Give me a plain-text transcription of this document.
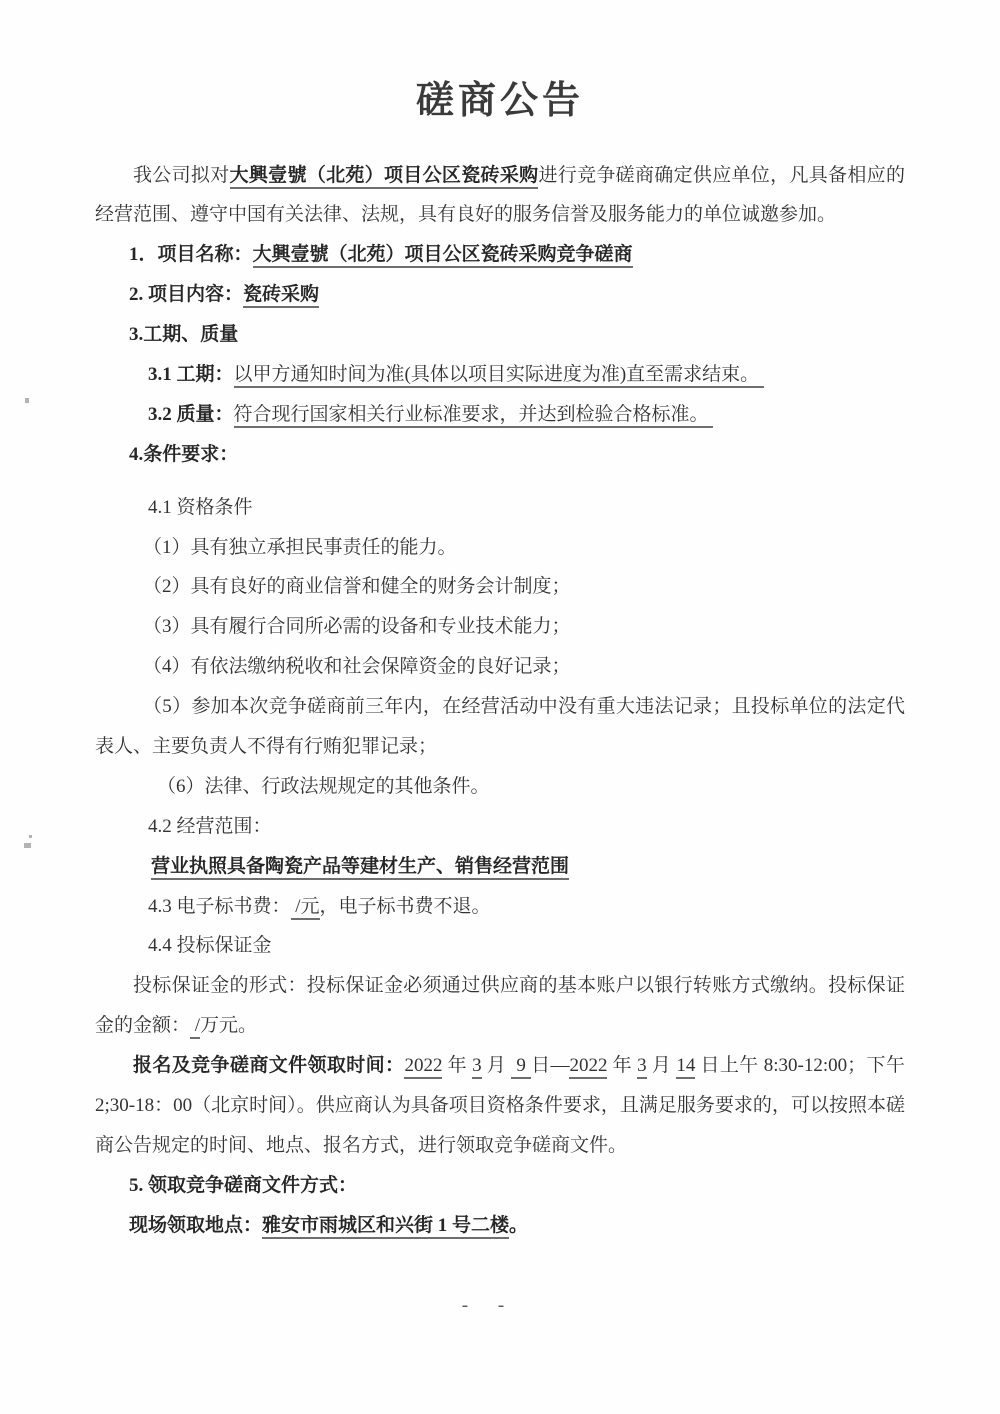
磋商公告

我公司拟对大興壹號（北苑）项目公区瓷砖采购进行竞争磋商确定供应单位，凡具备相应的经营范围、遵守中国有关法律、法规，具有良好的服务信誉及服务能力的单位诚邀参加。

1．项目名称：大興壹號（北苑）项目公区瓷砖采购竞争磋商

2. 项目内容：瓷砖采购

3.工期、质量

3.1 工期：以甲方通知时间为准(具体以项目实际进度为准)直至需求结束。

3.2 质量：符合现行国家相关行业标准要求，并达到检验合格标准。

4.条件要求：

4.1 资格条件

（1）具有独立承担民事责任的能力。

（2）具有良好的商业信誉和健全的财务会计制度；

（3）具有履行合同所必需的设备和专业技术能力；

（4）有依法缴纳税收和社会保障资金的良好记录；

（5）参加本次竞争磋商前三年内，在经营活动中没有重大违法记录；且投标单位的法定代表人、主要负责人不得有行贿犯罪记录；

（6）法律、行政法规规定的其他条件。

4.2 经营范围：

营业执照具备陶瓷产品等建材生产、销售经营范围

4.3 电子标书费： /元，电子标书费不退。

4.4 投标保证金

投标保证金的形式：投标保证金必须通过供应商的基本账户以银行转账方式缴纳。投标保证金的金额： /万元。

报名及竞争磋商文件领取时间：2022 年 3 月  9 日—2022 年 3 月 14 日上午 8:30-12:00；下午 2;30-18：00（北京时间）。供应商认为具备项目资格条件要求，且满足服务要求的，可以按照本磋商公告规定的时间、地点、报名方式，进行领取竞争磋商文件。

5. 领取竞争磋商文件方式：

现场领取地点：雅安市雨城区和兴街 1 号二楼。

-　 -
